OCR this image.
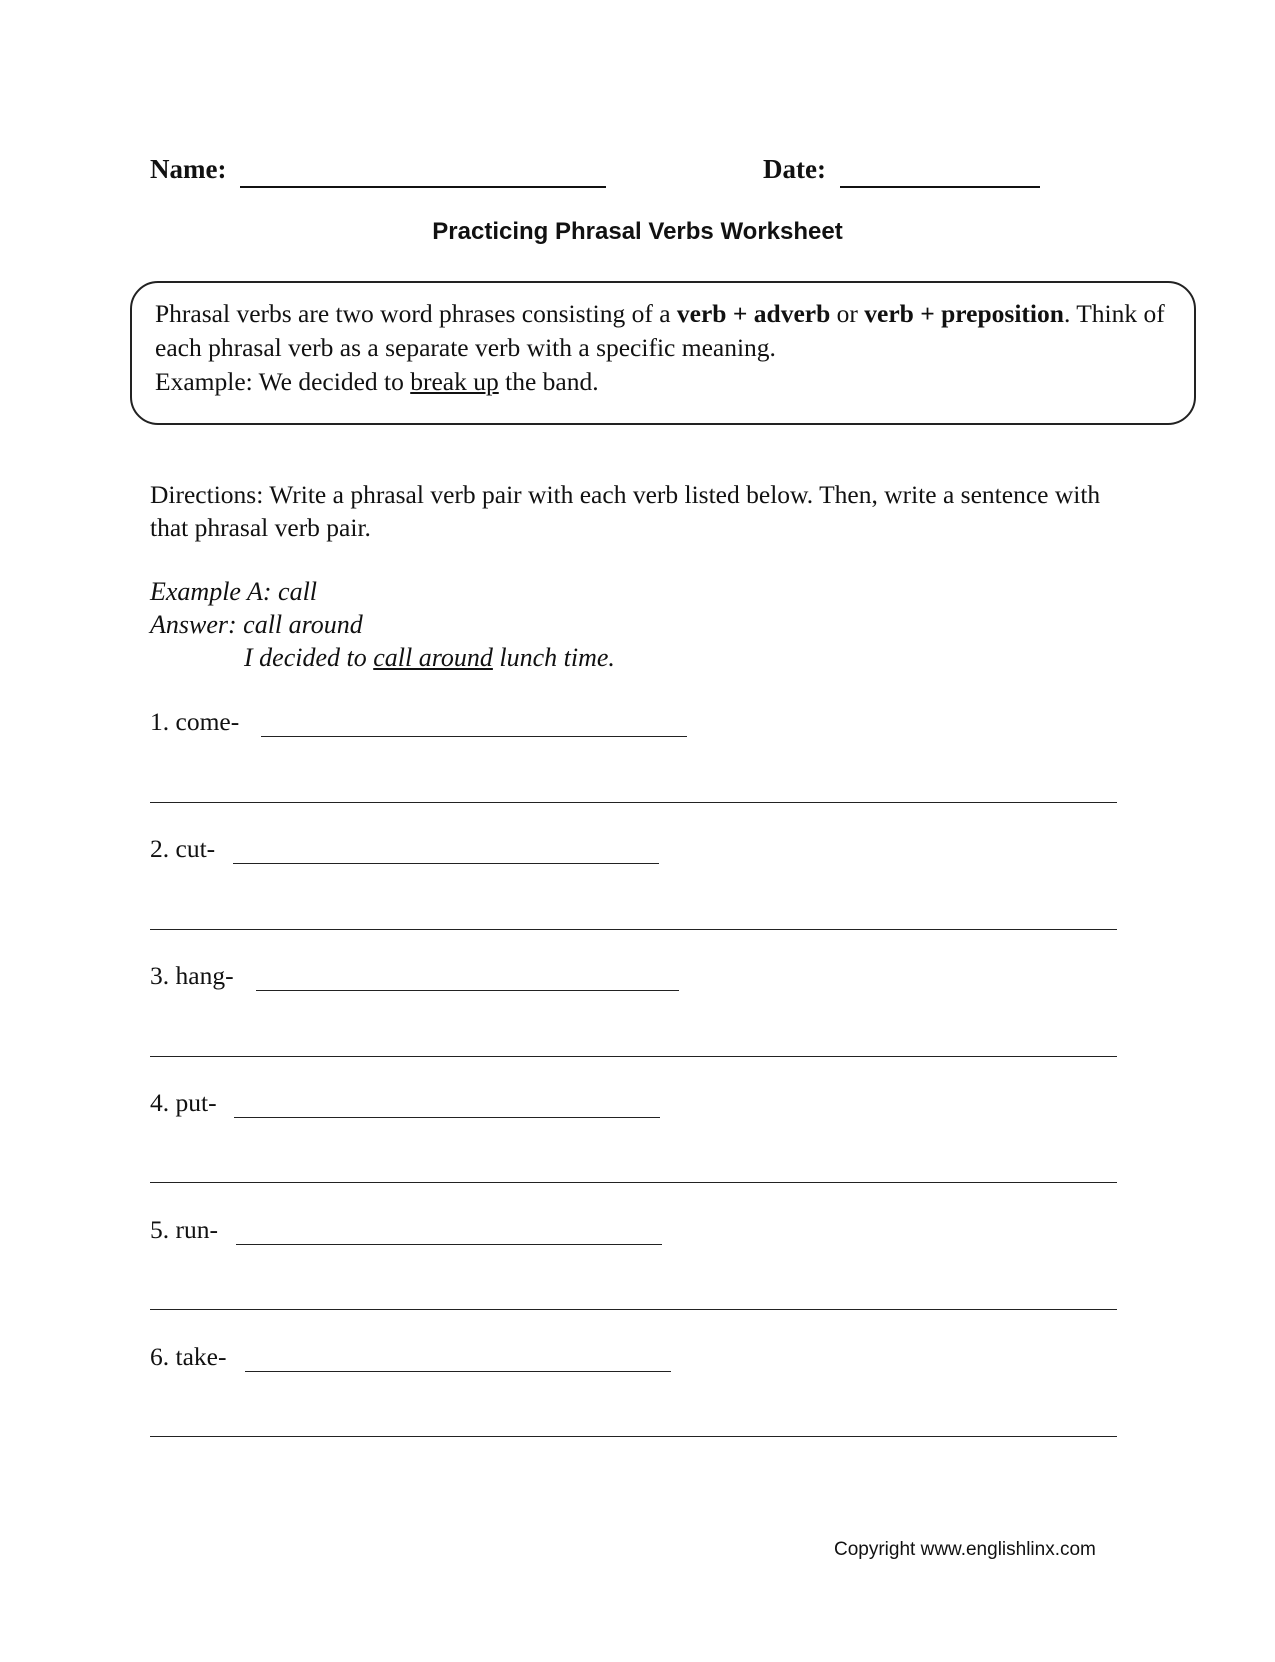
Name:	Date:
Practicing Phrasal Verbs Worksheet
Phrasal verbs are two word phrases consisting of a verb + adverb or verb + preposition. Think of each phrasal verb as a separate verb with a specific meaning.
Example: We decided to break up the band.
Directions: Write a phrasal verb pair with each verb listed below. Then, write a sentence with that phrasal verb pair.
Example A: call
Answer: call around
I decided to call around lunch time.
1. come-
2. cut-
3. hang-
4. put-
5. run-
6. take-
Copyright www.englishlinx.com
